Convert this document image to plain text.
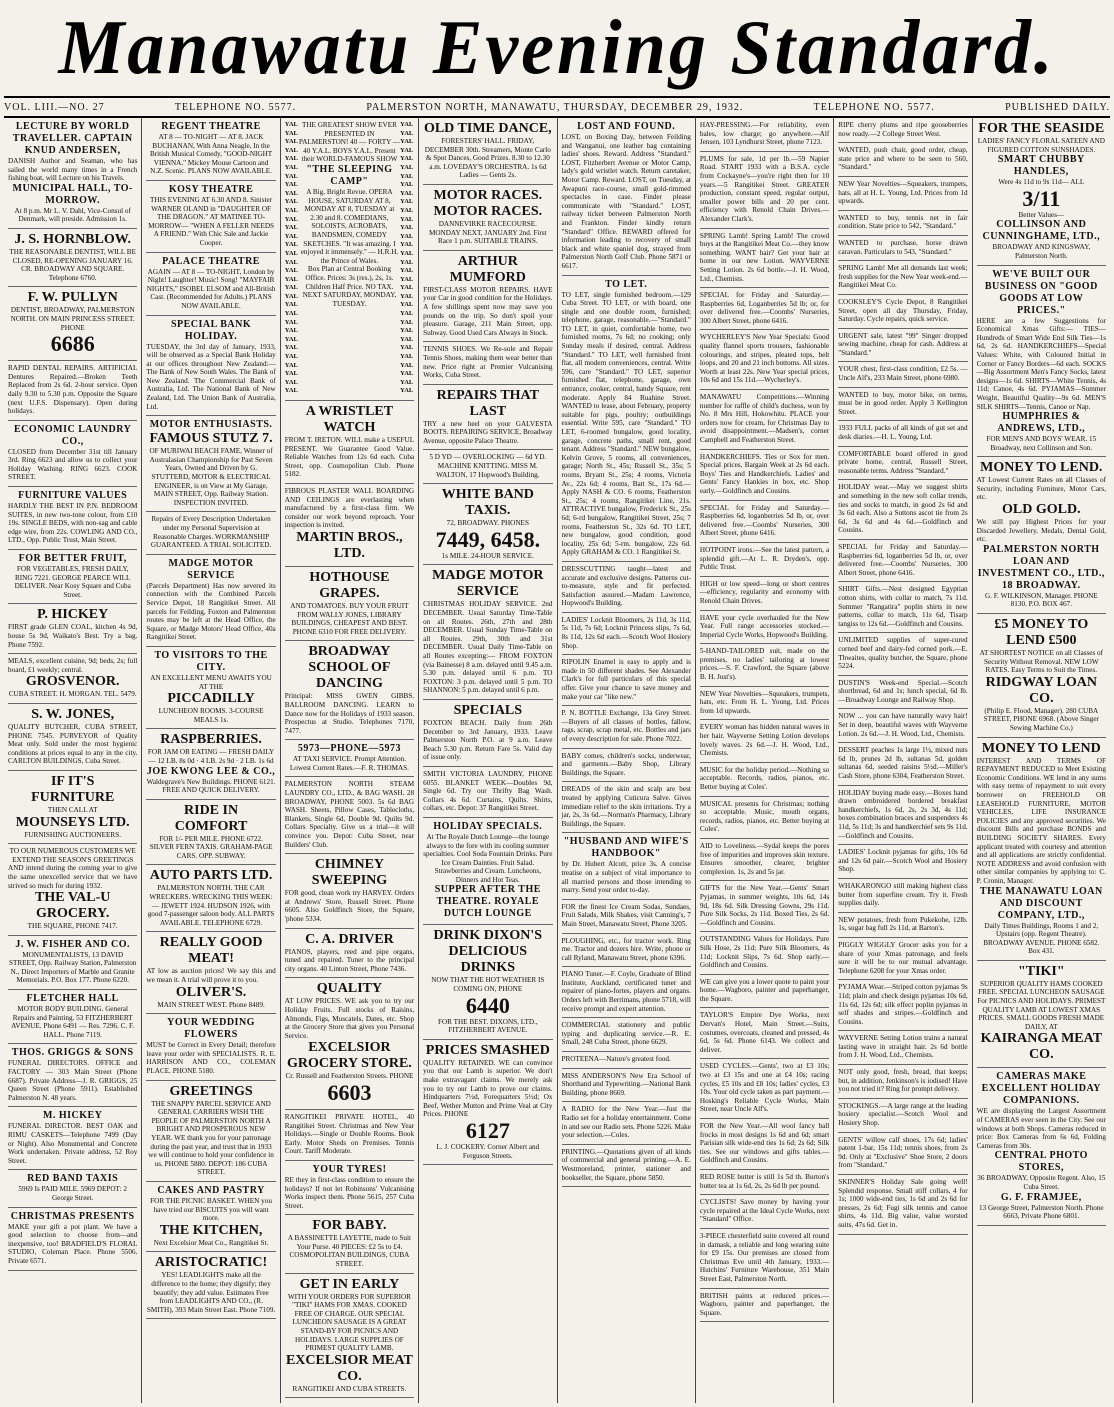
Manawatu Evening Standard.
VOL. LIII.—NO. 27	TELEPHONE NO. 5577.	PALMERSTON NORTH, MANAWATU, THURSDAY, DECEMBER 29, 1932.	TELEPHONE NO. 5577.	PUBLISHED DAILY.
LECTURE BY WORLD TRAVELLER. CAPTAIN KNUD ANDERSEN,
DANISH Author and Seaman, who has sailed the world many times in a French fishing boat, will Lecture on his Travels.
MUNICIPAL HALL, TO-MORROW.
At 8 p.m. Mr L. V. Dahl, Vice-Consul of Denmark, will preside. Admission 1s.
J. S. HORNBLOW.
THE REASONABLE DENTIST, WILL BE CLOSED, RE-OPENING JANUARY 16. CR. BROADWAY AND SQUARE. Telephone 6760.
F. W. PULLYN
DENTIST, BROADWAY, PALMERSTON NORTH. ON MAIN PRINCESS STREET. PHONE
6686
RAPID DENTAL REPAIRS. ARTIFICIAL Dentures Repaired.—Broken Teeth Replaced from 2s 6d. 2-hour service. Open daily 9.30 to 5.30 p.m. Opposite the Square (next U.F.S. Dispensary). Open during holidays.
ECONOMIC LAUNDRY CO.,
CLOSED from December 31st till January 3rd. Ring 6623 and allow us to collect your Holiday Washing. RING 6623. COOK STREET.
FURNITURE VALUES
HARDLY THE BEST IN P.N. BEDROOM SUITES, in new two-tone colour, from £10 19s. SINGLE BEDS, with non-sag and cable edge wire, from 22s. COWLING AND CO., LTD., Opp. Public Trust, Main Street.
FOR BETTER FRUIT,
FOR VEGETABLES, FRESH DAILY, RING 7221. GEORGE PEARCE WILL DELIVER. Near Kosy Square and Cuba Street.
P. HICKEY
FIRST grade GLEN COAL, kitchen 4s 9d, house 5s 9d, Waikato's Best. Try a bag. Phone 7592.
MEALS, excellent cuisine, 9d; beds, 2s; full board, £1 weekly; central.
GROSVENOR.
CUBA STREET. H. MORGAN. TEL. 5479.
S. W. JONES,
QUALITY BUTCHER, CUBA STREET, PHONE 7545. PURVEYOR of Quality Meat only. Sold under the most hygienic conditions at prices equal to any in the city. CARLTON BUILDINGS, Cuba Street.
IF IT'S FURNITURE
THEN CALL AT
MOUNSEYS LTD.
FURNISHING AUCTIONEERS.
TO OUR NUMEROUS CUSTOMERS WE EXTEND THE SEASON'S GREETINGS
AND intend during the coming year to give the same unexcelled service that we have strived so much for during 1932.
THE VAL-U GROCERY.
THE SQUARE, PHONE 7417.
J. W. FISHER AND CO.
MONUMENTALISTS, 13 DAVID STREET, Opp. Railway Station, Palmerston N., Direct Importers of Marble and Granite Memorials. P.O. Box 177. Phone 6220.
FLETCHER HALL
MOTOR BODY BUILDING. General Repairs and Painting. 53 FITZHERBERT AVENUE. Phone 6491 — Res. 7296. C. F. HALL. Phone 7119.
THOS. GRIGGS & SONS
FUNERAL DIRECTORS. OFFICE and FACTORY — 303 Main Street (Phone 6687). Private Address—J. R. GRIGGS, 25 Queen Street (Phone 5911). Established Palmerston N. 48 years.
M. HICKEY
FUNERAL DIRECTOR. BEST OAK and RIMU CASKETS—Telephone 7499 (Day or Night). Also Monumental and Concrete Work undertaken. Private address, 52 Roy Street.
RED BAND TAXIS
5969 Is PAID MILE. 5969 DEPOT: 2 George Street.
CHRISTMAS PRESENTS
MAKE your gift a pot plant. We have a good selection to choose from—and inexpensive, too! BRADFIELD'S FLORAL STUDIO, Coleman Place. Phone 5506. Private 6571.
REGENT THEATRE
AT 8 — TO-NIGHT — AT 8. JACK BUCHANAN, With Anna Neagle, In the British Musical Comedy, "GOOD-NIGHT VIENNA." Mickey Mouse Cartoon and N.Z. Scenic. PLANS NOW AVAILABLE.
KOSY THEATRE
THIS EVENING AT 6.30 AND 8. Sinister WARNER OLAND in "DAUGHTER OF THE DRAGON." AT MATINEE TO-MORROW— "WHEN A FELLER NEEDS A FRIEND." With Chic Sale and Jackie Cooper.
PALACE THEATRE
AGAIN — AT 8 — TO-NIGHT, London by Night! Laughter! Music! Song! "MAYFAIR NIGHTS," ISOBEL ELSOM and All-British Cast. (Recommended for Adults.) PLANS NOW AVAILABLE.
SPECIAL BANK HOLIDAY.
TUESDAY, the 3rd day of January, 1933, will be observed as a Special Bank Holiday at our offices throughout New Zealand:— The Bank of New South Wales. The Bank of New Zealand. The Commercial Bank of Australia, Ltd. The National Bank of New Zealand, Ltd. The Union Bank of Australia, Ltd.
MOTOR ENTHUSIASTS.
FAMOUS STUTZ 7.
OF MURIWAI BEACH FAME, Winner of Australasian Championship for Past Seven Years, Owned and Driven by G. STUTTERD, MOTOR & ELECTRICAL ENGINEER, is on View at My Garage, MAIN STREET, Opp. Railway Station. INSPECTION INVITED.
Repairs of Every Description Undertaken under my Personal Supervision at Reasonable Charges. WORKMANSHIP GUARANTEED. A TRIAL SOLICITED.
MADGE MOTOR SERVICE
(Parcels Department) Has now severed its connection with the Combined Parcels Service Depot, 18 Rangitikei Street. All parcels for Feilding, Foxton and Palmerston routes may be left at the Head Office, the Square, or Madge Motors' Head Office, 40a Rangitikei Street.
TO VISITORS TO THE CITY.
AN EXCELLENT MENU AWAITS YOU AT THE
PICCADILLY
LUNCHEON ROOMS. 3-COURSE MEALS 1s.
RASPBERRIES.
FOR JAM OR EATING — FRESH DAILY — 12 LB. 8s 0d · 4 LB. 2s 9d · 2 LB. 1s 6d
JOE KWONG LEE & CO.,
Waldegrave's New Buildings. PHONE 6121. FREE AND QUICK DELIVERY.
RIDE IN COMFORT
FOR 1/- PER MILE. PHONE 6722. SILVER FERN TAXIS. GRAHAM-PAGE CARS. OPP. SUBWAY.
AUTO PARTS LTD.
PALMERSTON NORTH. THE CAR WRECKERS. WRECKING THIS WEEK:— JEWETT 1924. HUDSON 1926, with good 7-passenger saloon body. ALL PARTS AVAILABLE. TELEPHONE 6729.
REALLY GOOD MEAT!
AT low as auction prices! We say this and we mean it. A trial will prove it to you.
OLIVER'S.
MAIN STREET WEST. Phone 8489.
YOUR WEDDING FLOWERS
MUST be Correct in Every Detail; therefore leave your order with SPECIALISTS. R. E. HARRISON AND CO., COLEMAN PLACE. PHONE 5180.
GREETINGS
THE SNAPPY PARCEL SERVICE AND GENERAL CARRIERS WISH THE PEOPLE OF PALMERSTON NORTH A BRIGHT AND PROSPEROUS NEW YEAR. WE thank you for your patronage during the past year, and trust that in 1933 we will continue to hold your confidence in us. PHONE 5880. DEPOT: 186 CUBA STREET.
CAKES AND PASTRY
FOR THE PICNIC BASKET. WHEN you have tried our BISCUITS you will want more.
THE KITCHEN,
Next Excelsior Meat Co., Rangitikei St.
ARISTOCRATIC!
YES! LEADLIGHTS make all the difference to the home; they dignify; they beautify; they add value. Estimates Free from LEADLIGHTS AND CO., (R. SMITH), 393 Main Street East. Phone 7109.
YAL YAL YAL YAL YAL YAL YAL YAL YAL YAL YAL YAL YAL YAL YAL YAL YAL YAL YAL YAL YAL YAL YAL YAL YAL YAL YAL YAL YAL YAL YAL YAL
THE GREATEST SHOW EVER PRESENTED IN PALMERSTON! 40 — FORTY — 40 Y.A.L. BOYS Y.A.L. Present their WORLD-FAMOUS SHOW
"THE SLEEPING CAMP"
A Big, Bright Revue. OPERA HOUSE, SATURDAY AT 8, MONDAY AT 8, TUESDAY at 2.30 and 8. COMEDIANS, SOLOISTS, ACROBATS, BANDSMEN, COMEDY SKETCHES. "It was amazing. I enjoyed it immensely." — H.R.H. the Prince of Wales.
Box Plan at Central Booking Office. Prices: 3s (res.), 2s, 1s. Children Half Price. NO TAX. NEXT SATURDAY, MONDAY, TUESDAY.
YAL YAL YAL YAL YAL YAL YAL YAL YAL YAL YAL YAL YAL YAL YAL YAL YAL YAL YAL YAL YAL YAL YAL YAL YAL YAL YAL YAL YAL YAL YAL YAL
A WRISTLET WATCH
FROM T. IRETON. WILL make a USEFUL PRESENT. We Guarantee Good Value. Reliable Watches from 12s 6d each. Cuba Street, opp. Cosmopolitan Club. Phone 5182.
FIBROUS PLASTER WALL BOARDING AND CEILINGS are everlasting when manufactured by a first-class firm. We consider our work beyond reproach. Your inspection is invited.
MARTIN BROS., LTD.
HOTHOUSE GRAPES.
AND TOMATOES. BUY YOUR FRUIT FROM WALLY JONES, LIBRARY BUILDINGS, CHEAPEST AND BEST. PHONE 6310 FOR FREE DELIVERY.
BROADWAY SCHOOL OF DANCING
Principal: MISS GWEN GIBBS. BALLROOM DANCING. LEARN to Dance now for the Holidays of 1933 season. Prospectus at Studio. Telephones 7170, 7477.
5973—PHONE—5973
AT TAXI SERVICE. Prompt Attention. Lowest Current Rates.—F. R. THOMAS.
PALMERSTON NORTH STEAM LAUNDRY CO., LTD., & BAG WASH. 28 BROADWAY, PHONE 5003. 5s 6d BAG WASH. Sheets, Pillow Cases, Tablecloths, Blankets, Single 6d, Double 9d. Quilts 9d. Collars Specialty. Give us a trial—it will convince you. Depot: Cuba Street, near Builders' Club.
CHIMNEY SWEEPING
FOR good, clean work try HARVEY. Orders at Andrews' Store, Russell Street. Phone 6605. Also Goldfinch Store, the Square, 'phone 5334.
C. A. DRIVER
PIANOS, players, reed and pipe organs, tuned and repaired. Tuner to the principal city organs. 40 Linton Street, Phone 7436.
QUALITY
AT LOW PRICES. WE ask you to try our Holiday Fruits. Full stocks of Raisins, Almonds, Figs, Muscatels, Dates, etc. Shop at the Grocery Store that gives you Personal Service.
EXCELSIOR GROCERY STORE.
Cr. Russell and Featherston Streets. PHONE
6603
RANGITIKEI PRIVATE HOTEL, 40 Rangitikei Street. Christmas and New Year Holidays.—Single or Double Rooms. Book Early. Motor Sheds on Premises. Tennis Court. Tariff Moderate.
YOUR TYRES!
RE they in first-class condition to ensure the holidays? If not let Robinsons' Vulcanising Works inspect them. Phone 5615, 257 Cuba Street.
FOR BABY.
A BASSINETTE LAYETTE, made to Suit Your Purse. 40 PIECES: £2 5s to £4. COSMOPOLITAN BUILDINGS, CUBA STREET.
GET IN EARLY
WITH YOUR ORDERS FOR SUPERIOR "TIKI" HAMS FOR XMAS. COOKED FREE OF CHARGE. OUR SPECIAL LUNCHEON SAUSAGE IS A GREAT STAND-BY FOR PICNICS AND HOLIDAYS. LARGE SUPPLIES OF PRIMEST QUALITY LAMB.
EXCELSIOR MEAT CO.
RANGITIKEI AND CUBA STREETS.
OLD TIME DANCE,
FORESTERS' HALL. FRIDAY, DECEMBER 30th. Streamers, Monte Carlo & Spot Dances, Good Prizes. 8.30 to 12.30 a.m. LOVEDAY'S ORCHESTRA. 1s 6d Ladies — Gents 2s.
MOTOR RACES. MOTOR RACES.
DANNEVIRKE RACECOURSE. MONDAY NEXT, JANUARY 2nd. First Race 1 p.m. SUITABLE TRAINS.
ARTHUR MUMFORD
FIRST-CLASS MOTOR REPAIRS. HAVE your Car in good condition for the Holidays. A few shillings spent now may save you pounds on the trip. So don't spoil your pleasure. Garage, 211 Main Street, opp. Subway. Good Used Cars Always in Stock.
TENNIS SHOES. We Re-sole and Repair Tennis Shoes, making them wear better than new. Price right at Premier Vulcanising Works, Cuba Street.
REPAIRS THAT LAST
TRY a new heel on your GALVESTA BOOTS. REPAIRING SERVICE, Broadway Avenue, opposite Palace Theatre.
5 D YD — OVERLOCKING — 6d YD. MACHINE KNITTING. MISS M. WALTON, 17 Hopwood's Building.
WHITE BAND TAXIS.
72, BROADWAY. PHONES
7449, 6458.
1s MILE. 24-HOUR SERVICE.
MADGE MOTOR SERVICE
CHRISTMAS HOLIDAY SERVICE. 2nd DECEMBER. Usual Saturday Time-Table on all Routes. 26th, 27th and 28th DECEMBER. Usual Sunday Time-Table on all Routes. 29th, 30th and 31st DECEMBER. Usual Daily Time-Table on all Routes excepting:— FROM FOXTON (via Bainesse) 8 a.m. delayed until 9.45 a.m. 5.30 p.m. delayed until 6 p.m. TO FOXTON: 3 p.m. delayed until 5 p.m. TO SHANNON: 5 p.m. delayed until 6 p.m.
SPECIALS
FOXTON BEACH. Daily from 26th December to 3rd January, 1933. Leave Palmerston North P.O. at 9 a.m. Leave Beach 5.30 p.m. Return Fare 5s. Valid day of issue only.
SMITH VICTORIA LAUNDRY, PHONE 6055. BLANKET WEEK—Doubles 9d, Single 6d. Try our Thrifty Bag Wash. Collars 4s 6d. Curtains, Quilts. Shirts, collars, etc. Depot: 37 Rangitikei Street.
HOLIDAY SPECIALS.
At The Royale Dutch Lounge—the lounge always to the fore with its cooling summer specialties. Cool Soda Fountain Drinks. Pure Ice Cream Dainties. Fruit Salad. Strawberries and Cream. Luncheons, Dinners and Hot Teas.
SUPPER AFTER THE THEATRE. ROYALE DUTCH LOUNGE
DRINK DIXON'S DELICIOUS DRINKS
NOW THAT THE HOT WEATHER IS COMING ON, PHONE
6440
FOR THE BEST. DIXONS, LTD., FITZHERBERT AVENUE.
PRICES SMASHED
QUALITY RETAINED. WE can convince you that our Lamb is superior. We don't make extravagant claims. We merely ask you to try our Lamb to prove our claims. Hindquarters 7½d, Forequarters 5½d; Ox Beef, Wether Mutton and Prime Veal at City Prices. PHONE
6127
L. J. COCKERY. Corner Albert and Ferguson Streets.
LOST AND FOUND.
LOST, on Boxing Day, between Feilding and Wanganui, one leather bag containing ladies' shoes. Reward. Address "Standard." LOST, Fitzherbert Avenue or Motor Camp, lady's gold wristlet watch. Return caretaker, Motor Camp. Reward. LOST, on Tuesday, at Awapuni race-course, small gold-rimmed spectacles in case. Finder please communicate with "Standard." LOST, railway ticket between Palmerston North and Frankton. Finder kindly return "Standard" Office. REWARD offered for information leading to recovery of small black and white spaniel dog, strayed from Palmerston North Golf Club. Phone 5871 or 6617.
TO LET.
TO LET, single furnished bedroom.—129 Cuba Street. TO LET, or with board, one single and one double room, furnished; telephone, garage, reasonable.—"Standard." TO LET, in quiet, comfortable home, two furnished rooms, 7s 6d; no cooking; only Sunday meals if desired, central. Address "Standard." TO LET, well furnished front flat, all modern conveniences, central. Write 596, care "Standard." TO LET, superior furnished flat, telephone, garage, own entrance, cooker, central, handy Square, rent moderate. Apply 84 Ruahine Street. WANTED to lease, about February, property suitable for pigs, poultry; outbuildings essential. Write 595, care "Standard." TO LET, 6-roomed bungalow, good locality, garage, concrete paths, small rent, good tenant. Address "Standard." NEW bungalow, Kelvin Grove, 5 rooms, all conveniences, garage; North St., 45s; Russell St., 35s; 5 rooms, Bryant St., 25s; 4 rooms, Victoria Av., 22s 6d; 4 rooms, Batt St., 17s 6d.— Apply NASH & CO. 6 rooms, Featherston St., 25s; 4 rooms, Rangitikei Line, 21s. ATTRACTIVE bungalow, Frederick St., 25s 6d; 6-rd bungalow, Rangitikei Street, 25s; 7 rooms, Featherston St., 32s 6d. TO LET, new bungalow, good condition, good locality, 25s 6d; 5-rm. bungalow, 22s 6d. Apply GRAHAM & CO. 1 Rangitikei St.
DRESSCUTTING taught—latest and accurate and exclusive designs. Patterns cut-to-measure, style and fit perfected. Satisfaction assured.—Madam Lawrence, Hopwood's Building.
LADIES' Locknit Bloomers, 2s 11d, 3s 11d, 5s 11d, 7s 6d; Locknit Princess slips, 7s 6d, 8s 11d, 12s 6d each.—Scotch Wool Hosiery Shop.
RIPOLIN Enamel is easy to apply and is made in 50 different shades. See Alexander Clark's for full particulars of this special offer. Give your chance to save money and make your car "like new."
P. N. BOTTLE Exchange, 13a Grey Street.—Buyers of all classes of bottles, fallow, rags, scrap, scrap metal, etc. Bottles and jars of every description for sale. Phone 7022.
BABY comes, children's socks, underwear, and garments.—Baby Shop, Library Buildings, the Square.
DREADS of the skin and scalp are best treated by applying Cuticura Salve. Gives immediate relief to the skin irritations. Try a jar, 2s, 3s 6d.—Norman's Pharmacy, Library Buildings, the Square.
"HUSBAND AND WIFE'S HANDBOOK"
by Dr. Hubert Alcott, price 3s. A concise treatise on a subject of vital importance to all married persons and those intending to marry. Send your order to-day.
FOR the finest Ice Cream Sodas, Sundaes, Fruit Salads, Milk Shakes, visit Canning's, 7 Main Street, Manawatu Street, Phone 3205.
PLOUGHING, etc., for tractor work. Ring me. Tractor and dozers hire. Write, phone or call Ryland, Manawatu Street, phone 6396.
PIANO Tuner.—F. Coyle, Graduate of Blind Institute, Auckland, certificated tuner and repairer of piano-fortes, players and organs. Orders left with Berrimans, phone 5718, will receive prompt and expert attention.
COMMERCIAL stationery and public typing and duplicating service.—R. E. Small, 248 Cuba Street, phone 6629.
PROTEENA—Nature's greatest food.
MISS ANDERSON'S New Era School of Shorthand and Typewriting.—National Bank Building, phone 8669.
A RADIO for the New Year.—Just the Radio set for a holiday entertainment. Come in and see our Radio sets. Phone 5226. Make your selection.—Coles.
PRINTING.—Quotations given of all kinds of commercial and general printing.—A. E. Westmoreland, printer, stationer and bookseller, the Square, phone 5850.
HAY-PRESSING.—For reliability, even bales, low charge; go anywhere.—Alf Jensen, 103 Lyndhurst Street, phone 7123.
PLUMS for sale, 1d per lb.—59 Napier Road. START 1933 with a B.S.A. cycle from Cockayne's—you're right then for 10 years.—5 Rangitikei Street. GREATER production, constant speed, regular output, smaller power bills and 20 per cent. efficiency with Renold Chain Drives.—Alexander Clark's.
SPRING Lamb! Spring Lamb! The crowd buys at the Rangitikei Meat Co.—they know something. WANT hair? Get your hair at home in our new Lotion. WAYVERNE Setting Lotion. 2s 6d bottle.—J. H. Wood, Ltd., Chemists.
SPECIAL for Friday and Saturday.—Raspberries 6d, Loganberries 5d lb; or, for over delivered free.—Coombs' Nurseries, 300 Albert Street, phone 6416.
WYCHERLEY'S New Year Specials: Good quality flannel sports trousers, fashionable colourings, and stripes, pleated tops, belt loops, and 20 and 21 inch bottoms. All sizes. Worth at least 22s. New Year special prices, 10s 6d and 15s 11d.—Wycherley's.
MANAWATU Competitions.—Winning number for raffle of child's duchess, won by No. 8 Mrs Hill, Hokowhitu. PLACE your orders now for cream, for Christmas Day to avoid disappointment.—Madsen's, corner Campbell and Featherston Street.
HANDKERCHIEFS. Ties or Sox for men. Special prices, Bargain Week at 2s 6d each. Boys' Ties and Handkerchiefs. Ladies' and Gents' Fancy Hankies in box, etc. Shop early.—Goldfinch and Cousins.
SPECIAL for Friday and Saturday.—Raspberries 6d, loganberries 5d lb, or, over delivered free.—Coombs' Nurseries, 300 Albert Street, phone 6416.
HOTPOINT irons.—See the latest pattern, a splendid gift.—At L. R. Dryden's, opp. Public Trust.
HIGH or low speed—long or short centres—efficiency, regularity and economy with Renold Chain Drives.
HAVE your cycle overhauled for the New Year. Full range accessories stocked.—Imperial Cycle Works, Hopwood's Building.
5-HAND-TAILORED suit, made on the premises, no ladies' tailoring at lowest prices.—S. F. Crawford, the Square (above B. H. Just's).
NEW Year Novelties—Squeakers, trumpets, hats, etc. From H. L. Young, Ltd. Prices from 1d upwards.
EVERY woman has hidden natural waves in her hair. Wayverne Setting Lotion develops lovely waves. 2s 6d.—J. H. Wood, Ltd., Chemists.
MUSIC for the holiday period.—Nothing so acceptable. Records, radios, pianos, etc. Better buying at Coles'.
MUSICAL presents for Christmas; nothing so acceptable. Music, mouth organs, records, radios, pianos, etc. Better buying at Coles'.
AID to Loveliness.—Sydal keeps the pores free of impurities and improves skin texture. Ensures smoother, clearer, brighter complexion. 1s, 2s and 5s jar.
GIFTS for the New Year.—Gents' Smart Pyjamas, in summer weights, 10s 6d, 14s 9d, 18s 6d. Silk Dressing Gowns, 29s 11d. Pure Silk Socks, 2s 11d. Boxed Ties, 2s 6d.—Goldfinch and Cousins.
OUTSTANDING Values for Holidays. Pure Silk Hose, 2s 11d; Pure Silk Bloomers, 4s 11d; Locknit Slips, 7s 6d. Shop early.—Goldfinch and Cousins.
WE can give you a lower quote to paint your home.—Wagboro, painter and paperhanger, the Square.
TAYLOR'S Empire Dye Works, next Dervan's Hotel, Main Street.—Suits, costumes, overcoats, cleaned and pressed, 4s 6d, 5s 6d. Phone 6143. We collect and deliver.
USED CYCLES.—Gents', two at £3 10s; two at £3 15s and one at £4 10s; racing cycles, £5 10s and £8 10s; ladies' cycles, £3 10s. Your old cycle taken as part payment.—Hosking's Reliable Cycle Works, Main Street, near Uncle Alf's.
FOR the New Year.—All wool fancy ball frocks in most designs 1s 6d and 6d; smart Parisian silk wide-end ties 1s 6d; 2s 6d; Silk ties. See our windows and gifts tables.—Goldfinch and Cousins.
RED ROSE butter is still 1s 5d th. Burton's butter tea at 1s 6d, 2s, 2s 6d lb per pound.
CYCLISTS! Save money by having your cycle repaired at the Ideal Cycle Works, next "Standard" Office.
3-PIECE chesterfield suite covered all round in damask, a reliable and long wearing suite for £9 15s. Our premises are closed from Christmas Eve until 4th January, 1933.—Hutchins' Furniture Warehouse, 351 Main Street East, Palmerston North.
BRITISH paints at reduced prices.—Wagboro, painter and paperhanger, the Square.
RIPE cherry plums and ripe gooseberries now ready.—2 College Street West.
WANTED, push chair, good order, cheap, state price and where to be seen to 560, "Standard."
NEW Year Novelties—Squeakers, trumpets, hats, all at H. L. Young, Ltd. Prices from 1d upwards.
WANTED to buy, tennis net in fair condition. State price to 542, "Standard."
WANTED to purchase, horse drawn caravan. Particulars to 543, "Standard."
SPRING Lamb! Met all demands last week; fresh supplies for the New Year week-end.—Rangitikei Meat Co.
COOKSLEY'S Cycle Depot, 8 Rangitikei Street, open all day Thursday, Friday, Saturday. Cycle repairs, quick service.
URGENT sale, latest "99" Singer dropped sewing machine, cheap for cash. Address at "Standard."
YOUR chest, first-class condition, £2 5s. —Uncle Alf's, 233 Main Street, phone 6980.
WANTED to buy, motor bike, on terms, must be in good order. Apply 3 Kellington Street.
1933 FULL packs of all kinds of gut set and desk diaries.—H. L. Young, Ltd.
COMFORTABLE board offered in good private home, central, Russell Street, reasonable terms. Address "Standard."
HOLIDAY wear.—May we suggest shirts and something in the new soft collar trends, ties and socks to match, in good 2s 6d and 3s 6d each. Also a Suttons ascot tie from 2s 6d, 3s 6d and 4s 6d.—Goldfinch and Cousins.
SPECIAL for Friday and Saturday.—Raspberries 6d, loganberries 5d lb, or, over delivered free.—Coombs' Nurseries, 300 Albert Street, phone 6416.
SHIRT Gifts.—Nest designed Egyptian cotton shirts, with collar to match, 7s 11d. Summer "Rangatira" poplin shirts in new patterns, collar to match, 11s 6d, Tisarp tangiss to 12s 6d.—Goldfinch and Cousins.
UNLIMITED supplies of super-cured corned beef and dairy-fed corned pork.—E. Thwaites, quality butcher, the Square, phone 5224.
DUSTIN'S Week-end Special.—Scotch shortbread, 6d and 1s; lunch special, 6d lb.—Broadway Lounge and Railway Shop.
NOW ... you can have naturally wavy hair! Set in deep, beautiful waves with Wayverne Lotion. 2s 6d.—J. H. Wood, Ltd., Chemists.
DESSERT peaches 1s large 1½, mixed nuts 6d lb, prunes 2d lb, sultanas 5d, golden sultanas 6d, seeded raisins 5½d.—Miller's Cash Store, phone 6304, Featherston Street.
HOLIDAY buying made easy.—Boxes hand drawn embroidered bordered breakfast handkerchiefs, 1s 6d, 2s, 2s 3d, 4s 11d; boxes combination braces and suspenders 4s 11d, 5s 11d; 3s and handkerchief sets 9s 11d.—Goldfinch and Cousins.
LADIES' Locknit pyjamas for gifts, 10s 6d and 12s 6d pair.—Scotch Wool and Hosiery Shop.
WHAKARONGO still making highest class butter from superfine cream. Try it. Fresh supplies daily.
NEW potatoes, fresh from Pukekohe, 12lb. 1s, sugar bag full 2s 11d, at Barton's.
PIGGLY WIGGLY Grocer asks you for a share of your Xmas patronage, and feels sure it will be to our mutual advantage. Telephone 6208 for your Xmas order.
PYJAMA Wear.—Striped cotton pyjamas 9s 11d; plain and check design pyjamas 10s 6d, 11s 6d, 12s 6d; silk effect poplin pyjamas in self shades and stripes.—Goldfinch and Cousins.
WAYVERNE Setting Lotion trains a natural lasting wave in straight hair. 2s 6d bottle from J. H. Wood, Ltd., Chemists.
NOT only good, fresh, bread, that keeps; but, in addition, Jenkinson's is iodised! Have you not tried it? Ring for prompt delivery.
STOCKINGS.—A large range at the leading hosiery specialist.—Scotch Wool and Hosiery Shop.
GENTS' willow calf shoes, 17s 6d; ladies' patent 1-bar, 15s 11d; tennis shoes, from 2s 9d. Only at "Exclusive" Shoe Store, 2 doors from "Standard."
SKINNER'S Holiday Sale going well! Splendid response. Small stiff collars, 4 for 1s; 1000 wide-end ties, 1s 6d and 2s 6d for presses, 2s 6d; Fugi silk tennis and canoe shirts, 4s 11d. Big value, value worsted suits, 47s 6d. Get in.
FOR THE SEASIDE
LADIES' FANCY FLORAL SATEEN AND FIGURED COTTON SUNSHADES.
SMART CHUBBY HANDLES,
Were 4s 11d to 9s 11d— ALL
3/11
Better Values—
COLLINSON AND CUNNINGHAME, LTD.,
BROADWAY AND KINGSWAY, Palmerston North.
WE'VE BUILT OUR BUSINESS ON "GOOD GOODS AT LOW PRICES."
HERE are a few Suggestions for Economical Xmas Gifts:— TIES—Hundreds of Smart Wide End Silk Ties—1s 6d, 2s 6d. HANDKERCHIEFS—Special Values: White, with Coloured Initial in Corner or Fancy Borders—6d each. SOCKS—Big Assortment Men's Fancy Socks, latest designs—1s 6d. SHIRTS—White Tennis, 4s 11d; Canoe, 4s 6d. PYJAMAS—Summer Weight, Beautiful Quality—9s 6d. MEN'S SILK SHIRTS—Tennis, Canoe or Nap.
HUMPHRIES & ANDREWS, LTD.,
FOR MEN'S AND BOYS' WEAR. 15 Broadway, next Collinson and Son.
MONEY TO LEND.
AT Lowest Current Rates on all Classes of Security, including Furniture, Motor Cars, etc.
OLD GOLD.
We still pay Highest Prices for your Discarded Jewellery, Medals, Dental Gold, etc.
PALMERSTON NORTH LOAN AND INVESTMENT CO., LTD., 18 BROADWAY.
G. F. WILKINSON, Manager. PHONE 8130. P.O. BOX 467.
£5 MONEY TO LEND £500
AT SHORTEST NOTICE on all Classes of Security Without Removal. NEW LOW RATES. Easy Terms to Suit the Times.
RIDGWAY LOAN CO.
(Philip E. Flood, Manager). 280 CUBA STREET, PHONE 6968. (Above Singer Sewing Machine Co.)
MONEY TO LEND
INTEREST AND TERMS OF REPAYMENT REDUCED to Meet Existing Economic Conditions. WE lend in any sums with easy terms of repayment to suit every borrower on FREEHOLD OR LEASEHOLD FURNITURE, MOTOR VEHICLES, LIFE INSURANCE POLICIES and any approved securities. We discount Bills and purchase BONDS and BUILDING SOCIETY SHARES. Every applicant treated with courtesy and attention and all applications are strictly confidential. NOTE ADDRESS and avoid confusion with other similar companies by applying to: C. P. Cronin, Manager.
THE MANAWATU LOAN AND DISCOUNT COMPANY, LTD.,
Daily Times Buildings, Rooms 1 and 2, Upstairs (opp. Regent Theatre). BROADWAY AVENUE. PHONE 6582. Box 431.
"TIKI"
SUPERIOR QUALITY HAMS COOKED FREE. SPECIAL LUNCHEON SAUSAGE For PICNICS AND HOLIDAYS. PRIMEST QUALITY LAMB AT LOWEST XMAS PRICES. SMALL GOODS FRESH MADE DAILY, AT
KAIRANGA MEAT CO.
CAMERAS MAKE EXCELLENT HOLIDAY COMPANIONS.
WE are displaying the Largest Assortment of CAMERAS ever seen in the City. See our windows at both Shops. Cameras reduced in price: Box Cameras from 6s 6d, Folding Cameras from 30s.
CENTRAL PHOTO STORES,
36 BROADWAY, Opposite Regent. Also, 15 Cuba Street.
G. F. FRAMJEE,
13 George Street, Palmerston North. Phone 6663, Private Phone 6801.
